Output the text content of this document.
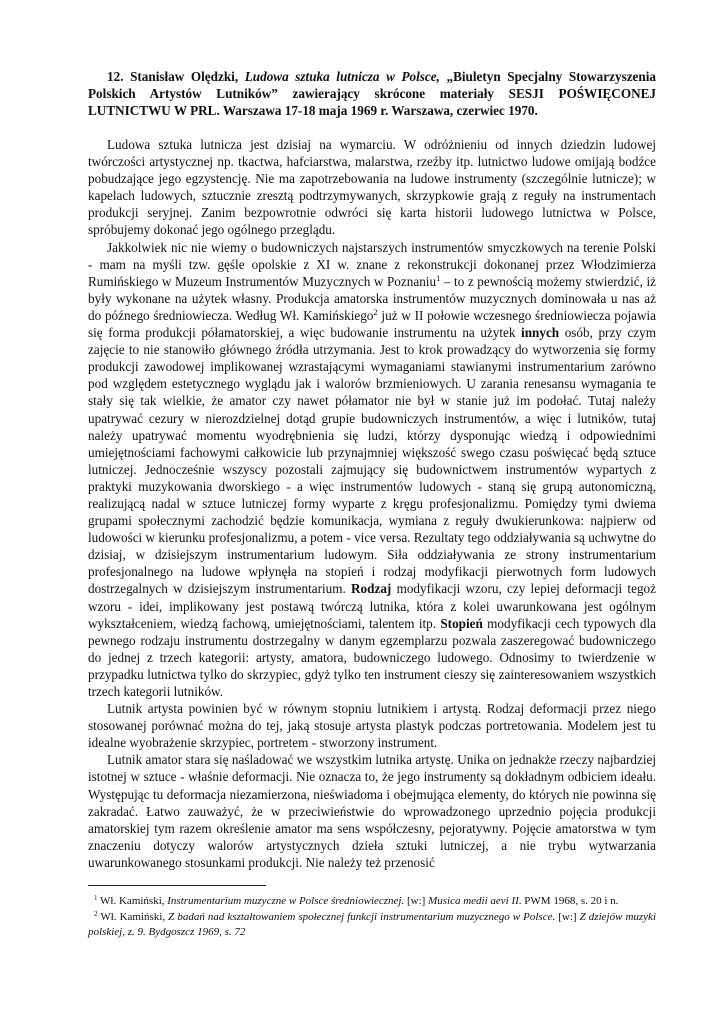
12. Stanisław Olędzki, Ludowa sztuka lutnicza w Polsce, „Biuletyn Specjalny Stowarzyszenia Polskich Artystów Lutników” zawierający skrócone materiały SESJI POŚWIĘCONEJ LUTNICTWU W PRL. Warszawa 17-18 maja 1969 r. Warszawa, czerwiec 1970.

Ludowa sztuka lutnicza jest dzisiaj na wymarciu. W odróżnieniu od innych dziedzin ludowej twórczości artystycznej np. tkactwa, hafciarstwa, malarstwa, rzeźby itp. lutnictwo ludowe omijają bodźce pobudzające jego egzystencję. Nie ma zapotrzebowania na ludowe instrumenty (szczególnie lutnicze); w kapelach ludowych, sztucznie zresztą podtrzymywanych, skrzypkowie grają z reguły na instrumentach produkcji seryjnej. Zanim bezpowrotnie odwróci się karta historii ludowego lutnictwa w Polsce, spróbujemy dokonać jego ogólnego przeglądu.

Jakkolwiek nic nie wiemy o budowniczych najstarszych instrumentów smyczkowych na terenie Polski - mam na myśli tzw. gęśle opolskie z XI w. znane z rekonstrukcji dokonanej przez Włodzimierza Rumińskiego w Muzeum Instrumentów Muzycznych w Poznaniu$^1$ – to z pewnością możemy stwierdzić, iż były wykonane na użytek własny. Produkcja amatorska instrumentów muzycznych dominowała u nas aż do późnego średniowiecza. Według Wł. Kamińskiego$^2$ już w II połowie wczesnego średniowiecza pojawia się forma produkcji półamatorskiej, a więc budowanie instrumentu na użytek innych osób, przy czym zajęcie to nie stanowiło głównego źródła utrzymania. Jest to krok prowadzący do wytworzenia się formy produkcji zawodowej implikowanej wzrastającymi wymaganiami stawianymi instrumentarium zarówno pod względem estetycznego wyglądu jak i walorów brzmieniowych. U zarania renesansu wymagania te stały się tak wielkie, że amator czy nawet półamator nie był w stanie już im podołać. Tutaj należy upatrywać cezury w nierozdzielnej dotąd grupie budowniczych instrumentów, a więc i lutników, tutaj należy upatrywać momentu wyodrębnienia się ludzi, którzy dysponując wiedzą i odpowiednimi umiejętnościami fachowymi całkowicie lub przynajmniej większość swego czasu poświęcać będą sztuce lutniczej. Jednocześnie wszyscy pozostali zajmujący się budownictwem instrumentów wypartych z praktyki muzykowania dworskiego - a więc instrumentów ludowych - staną się grupą autonomiczną, realizującą nadal w sztuce lutniczej formy wyparte z kręgu profesjonalizmu. Pomiędzy tymi dwiema grupami społecznymi zachodzić będzie komunikacja, wymiana z reguły dwukierunkowa: najpierw od ludowości w kierunku profesjonalizmu, a potem - vice versa. Rezultaty tego oddziaływania są uchwytne do dzisiaj, w dzisiejszym instrumentarium ludowym. Siła oddziaływania ze strony instrumentarium profesjonalnego na ludowe wpłynęła na stopień i rodzaj modyfikacji pierwotnych form ludowych dostrzegalnych w dzisiejszym instrumentarium. Rodzaj modyfikacji wzoru, czy lepiej deformacji tegoż wzoru - idei, implikowany jest postawą twórczą lutnika, która z kolei uwarunkowana jest ogólnym wykształceniem, wiedzą fachową, umiejętnościami, talentem itp. Stopień modyfikacji cech typowych dla pewnego rodzaju instrumentu dostrzegalny w danym egzemplarzu pozwala zaszeregować budowniczego do jednej z trzech kategorii: artysty, amatora, budowniczego ludowego. Odnosimy to twierdzenie w przypadku lutnictwa tylko do skrzypiec, gdyż tylko ten instrument cieszy się zainteresowaniem wszystkich trzech kategorii lutników.

Lutnik artysta powinien być w równym stopniu lutnikiem i artystą. Rodzaj deformacji przez niego stosowanej porównać można do tej, jaką stosuje artysta plastyk podczas portretowania. Modelem jest tu idealne wyobrażenie skrzypiec, portretem - stworzony instrument.

Lutnik amator stara się naśladować we wszystkim lutnika artystę. Unika on jednakże rzeczy najbardziej istotnej w sztuce - właśnie deformacji. Nie oznacza to, że jego instrumenty są dokładnym odbiciem ideału. Występując tu deformacja niezamierzona, nieświadoma i obejmująca elementy, do których nie powinna się zakradać. Łatwo zauważyć, że w przeciwieństwie do wprowadzonego uprzednio pojęcia produkcji amatorskiej tym razem określenie amator ma sens współczesny, pejoratywny. Pojęcie amatorstwa w tym znaczeniu dotyczy walorów artystycznych dzieła sztuki lutniczej, a nie trybu wytwarzania uwarunkowanego stosunkami produkcji. Nie należy też przenosić

$^1$ Wł. Kamiński, Instrumentarium muzyczne w Polsce średniowiecznej. [w:] Musica medii aevi II. PWM 1968, s. 20 i n.

$^2$ Wł. Kamiński, Z badań nad kształtowaniem społecznej funkcji instrumentarium muzycznego w Polsce. [w:] Z dziejów muzyki polskiej, z. 9. Bydgoszcz 1969, s. 72
